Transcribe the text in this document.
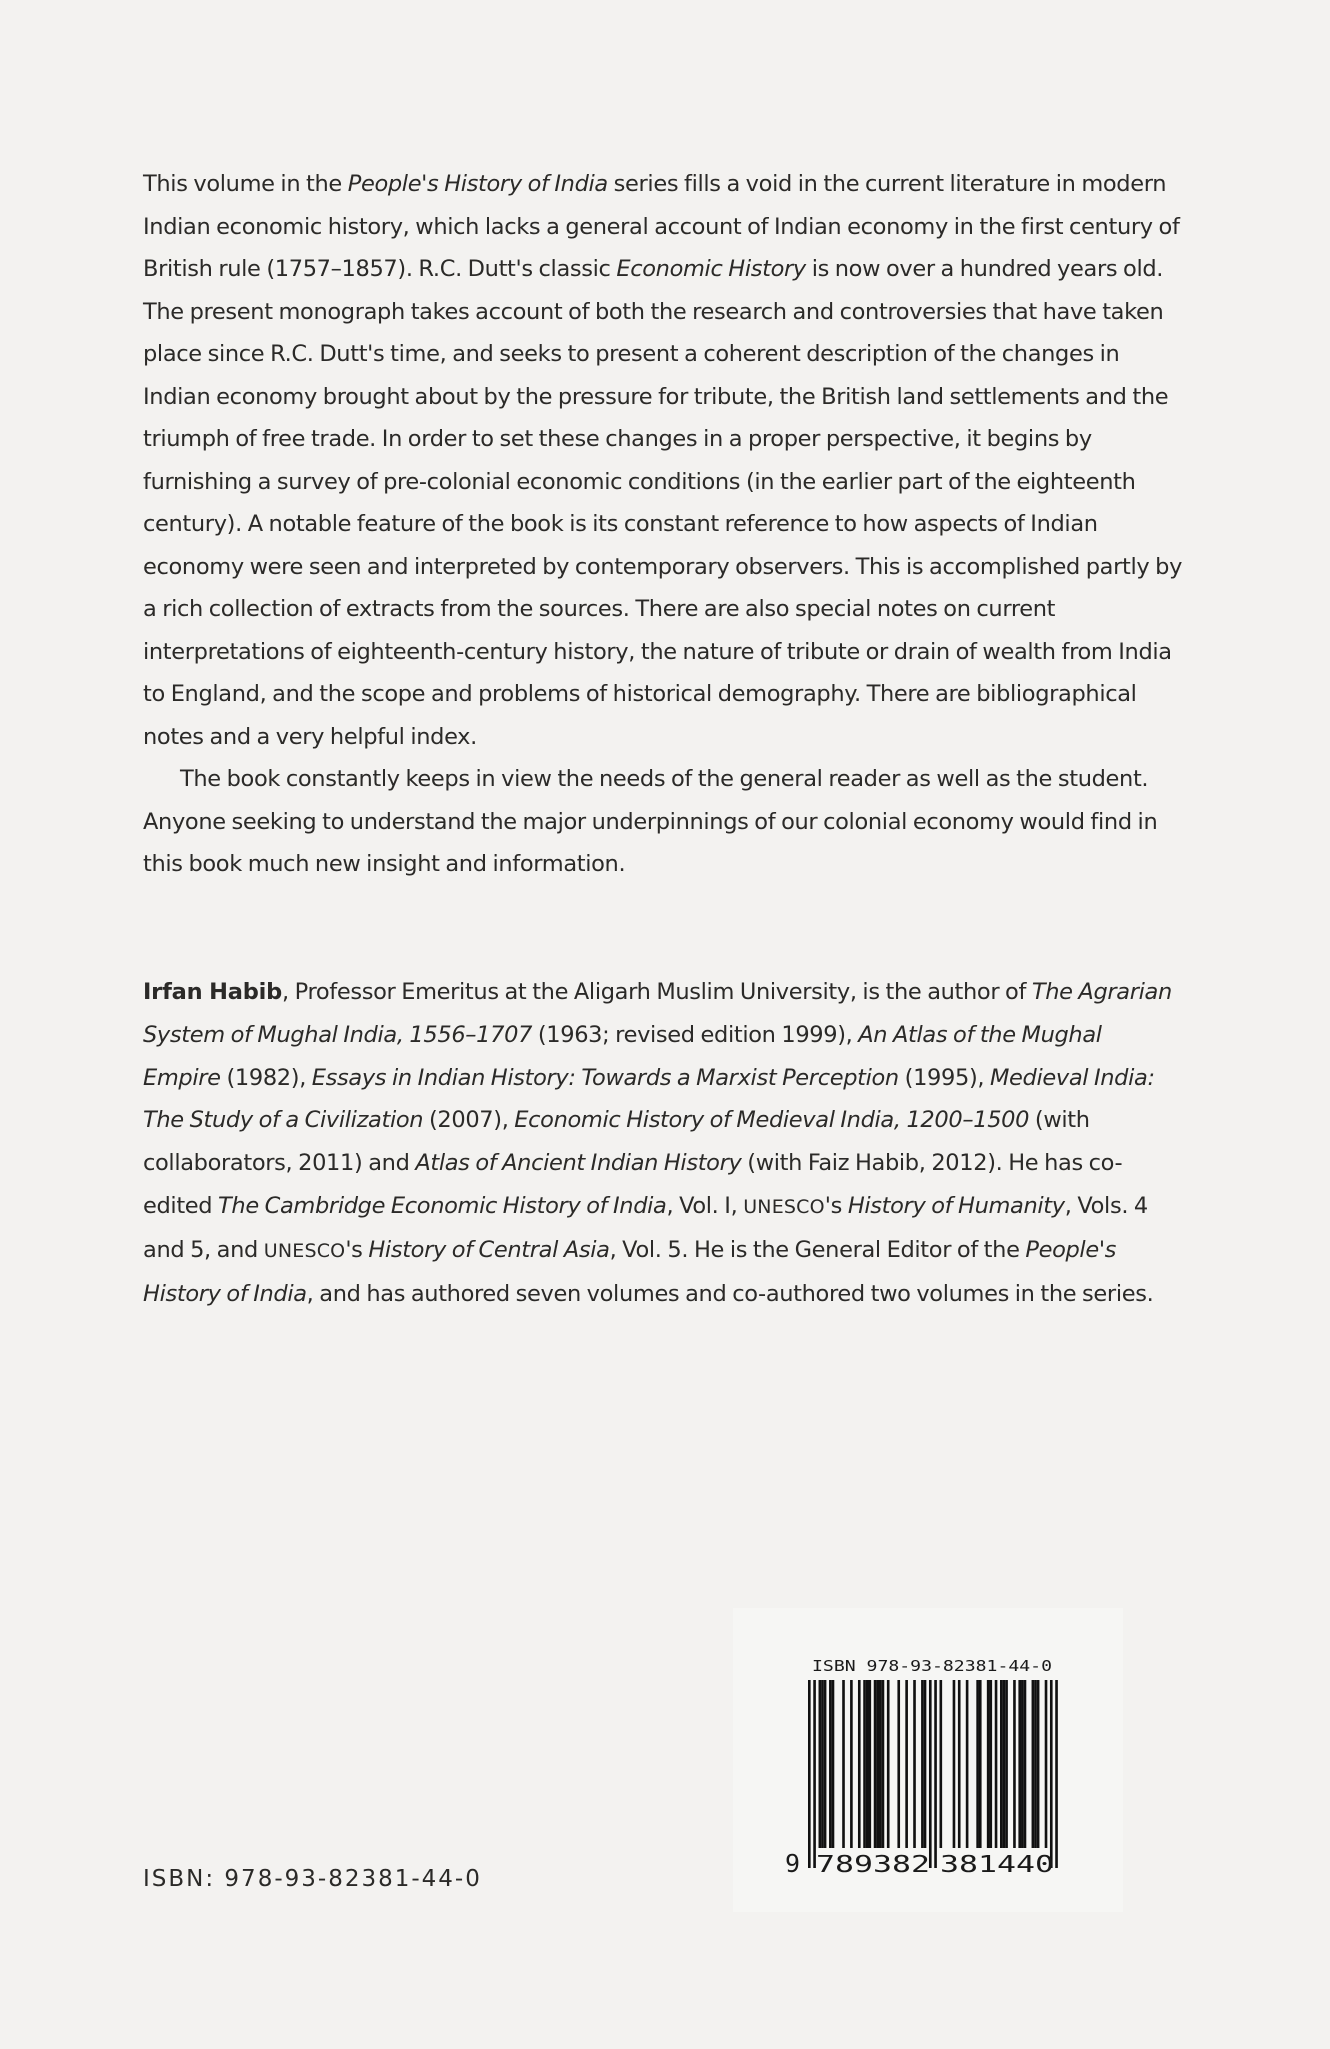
This volume in the People's History of India series fills a void in the current literature in modern Indian economic history, which lacks a general account of Indian economy in the first century of British rule (1757–1857). R.C. Dutt's classic Economic History is now over a hundred years old. The present monograph takes account of both the research and controversies that have taken place since R.C. Dutt's time, and seeks to present a coherent description of the changes in Indian economy brought about by the pressure for tribute, the British land settlements and the triumph of free trade. In order to set these changes in a proper perspective, it begins by furnishing a survey of pre-colonial economic conditions (in the earlier part of the eighteenth century). A notable feature of the book is its constant reference to how aspects of Indian economy were seen and interpreted by contemporary observers. This is accomplished partly by a rich collection of extracts from the sources. There are also special notes on current interpretations of eighteenth-century history, the nature of tribute or drain of wealth from India to England, and the scope and problems of historical demography. There are bibliographical notes and a very helpful index.

The book constantly keeps in view the needs of the general reader as well as the student. Anyone seeking to understand the major underpinnings of our colonial economy would find in this book much new insight and information.

Irfan Habib, Professor Emeritus at the Aligarh Muslim University, is the author of The Agrarian System of Mughal India, 1556–1707 (1963; revised edition 1999), An Atlas of the Mughal Empire (1982), Essays in Indian History: Towards a Marxist Perception (1995), Medieval India: The Study of a Civilization (2007), Economic History of Medieval India, 1200–1500 (with collaborators, 2011) and Atlas of Ancient Indian History (with Faiz Habib, 2012). He has co-edited The Cambridge Economic History of India, Vol. I, UNESCO's History of Humanity, Vols. 4 and 5, and UNESCO's History of Central Asia, Vol. 5. He is the General Editor of the People's History of India, and has authored seven volumes and co-authored two volumes in the series.

ISBN: 978-93-82381-44-0
ISBN 978-93-82381-44-0
9 789382 381440
